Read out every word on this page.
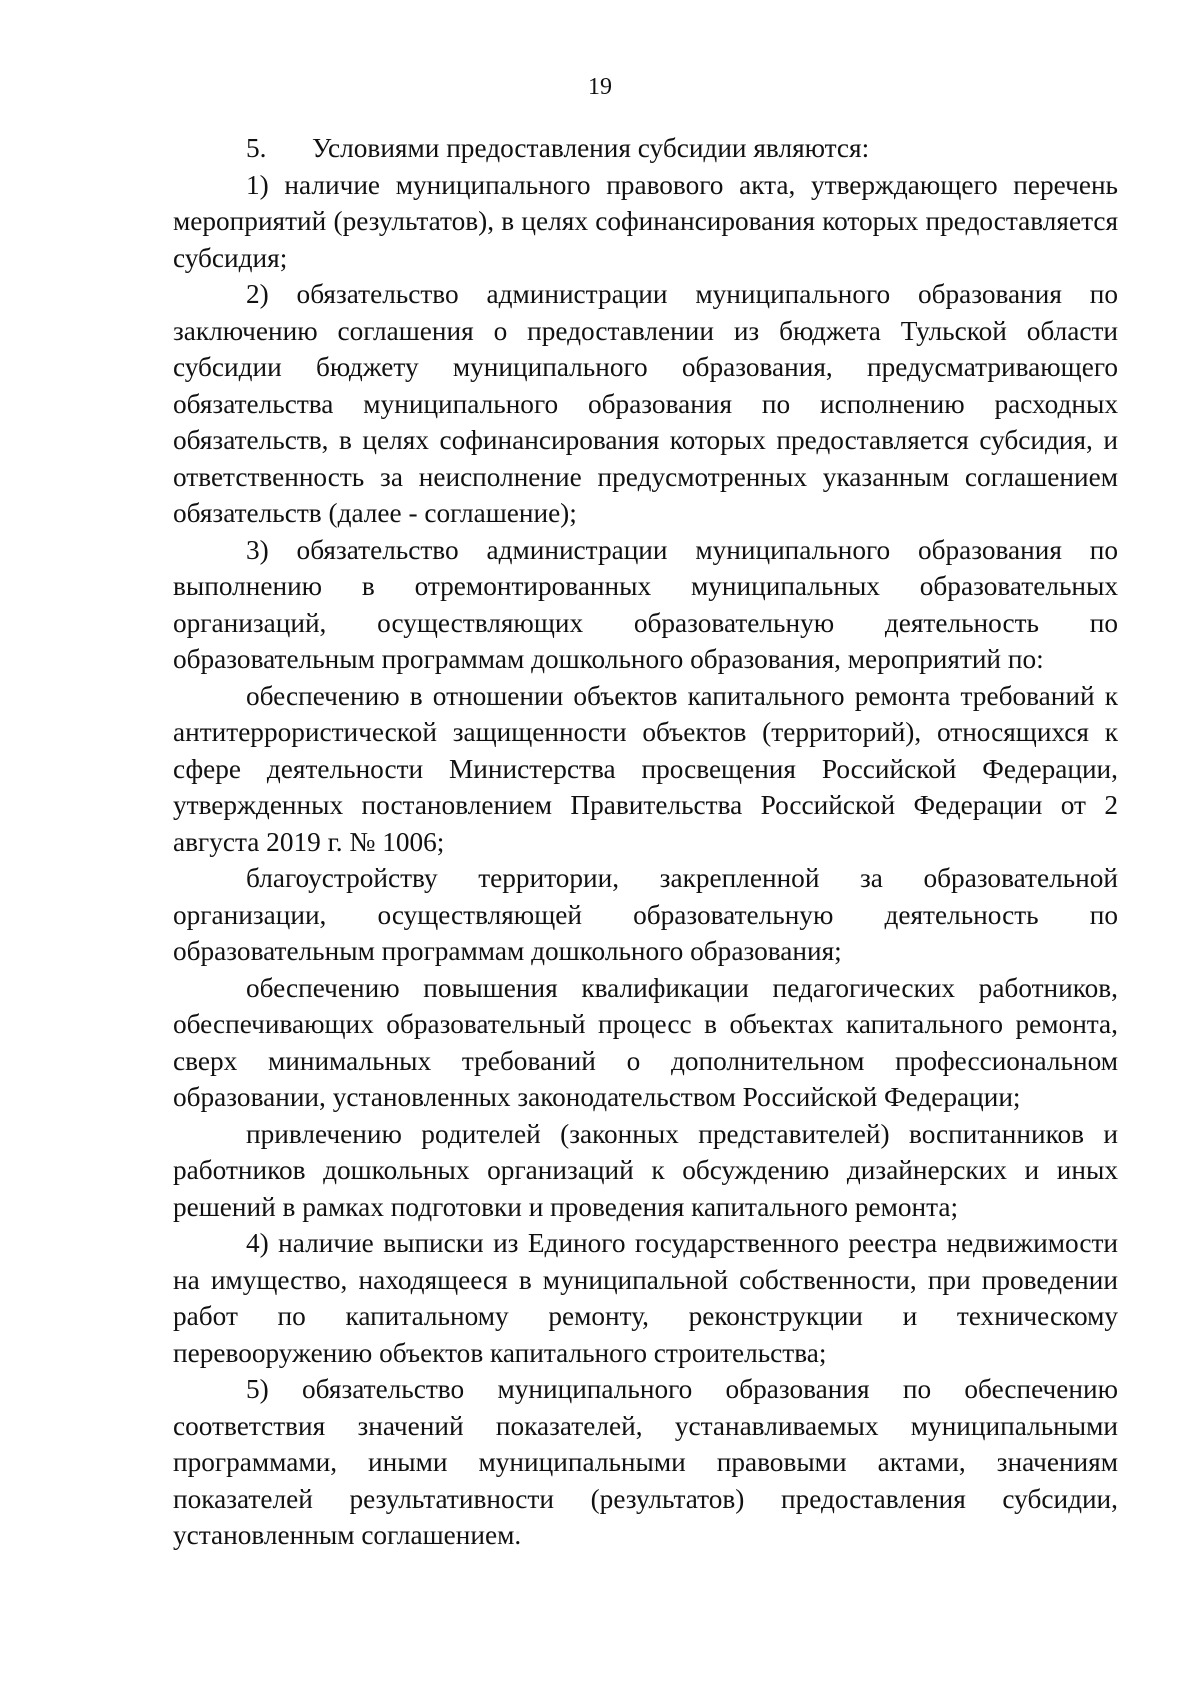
19

5. Условиями предоставления субсидии являются:

1) наличие муниципального правового акта, утверждающего перечень мероприятий (результатов), в целях софинансирования которых предоставляется субсидия;

2) обязательство администрации муниципального образования по заключению соглашения о предоставлении из бюджета Тульской области субсидии бюджету муниципального образования, предусматривающего обязательства муниципального образования по исполнению расходных обязательств, в целях софинансирования которых предоставляется субсидия, и ответственность за неисполнение предусмотренных указанным соглашением обязательств (далее - соглашение);

3) обязательство администрации муниципального образования по выполнению в отремонтированных муниципальных образовательных организаций, осуществляющих образовательную деятельность по образовательным программам дошкольного образования, мероприятий по:

обеспечению в отношении объектов капитального ремонта требований к антитеррористической защищенности объектов (территорий), относящихся к сфере деятельности Министерства просвещения Российской Федерации, утвержденных постановлением Правительства Российской Федерации от 2 августа 2019 г. № 1006;

благоустройству территории, закрепленной за образовательной организации, осуществляющей образовательную деятельность по образовательным программам дошкольного образования;

обеспечению повышения квалификации педагогических работников, обеспечивающих образовательный процесс в объектах капитального ремонта, сверх минимальных требований о дополнительном профессиональном образовании, установленных законодательством Российской Федерации;

привлечению родителей (законных представителей) воспитанников и работников дошкольных организаций к обсуждению дизайнерских и иных решений в рамках подготовки и проведения капитального ремонта;

4) наличие выписки из Единого государственного реестра недвижимости на имущество, находящееся в муниципальной собственности, при проведении работ по капитальному ремонту, реконструкции и техническому перевооружению объектов капитального строительства;

5) обязательство муниципального образования по обеспечению соответствия значений показателей, устанавливаемых муниципальными программами, иными муниципальными правовыми актами, значениям показателей результативности (результатов) предоставления субсидии, установленным соглашением.
